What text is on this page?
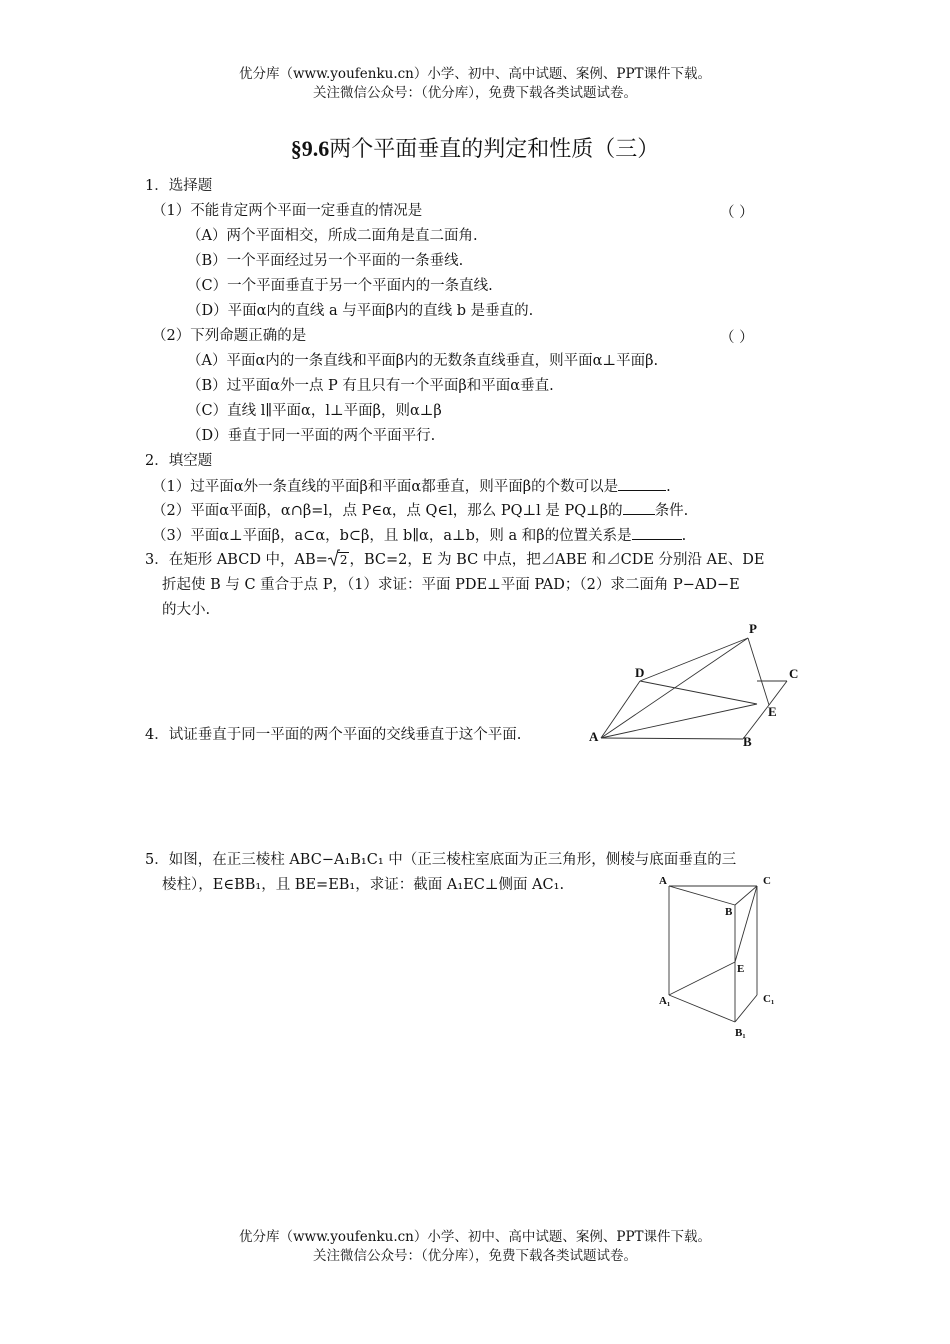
优分库（www.youfenku.cn）小学、初中、高中试题、案例、PPT课件下载。
关注微信公众号：（优分库），免费下载各类试题试卷。
§9.6两个平面垂直的判定和性质（三）
1．选择题
（1）不能肯定两个平面一定垂直的情况是	（ ）
（A）两个平面相交，所成二面角是直二面角.
（B）一个平面经过另一个平面的一条垂线.
（C）一个平面垂直于另一个平面内的一条直线.
（D）平面α内的直线 a 与平面β内的直线 b 是垂直的.
（2）下列命题正确的是	（ ）
（A）平面α内的一条直线和平面β内的无数条直线垂直，则平面α⊥平面β.
（B）过平面α外一点 P 有且只有一个平面β和平面α垂直.
（C）直线 l∥平面α，l⊥平面β，则α⊥β
（D）垂直于同一平面的两个平面平行.
2．填空题
（1）过平面α外一条直线的平面β和平面α都垂直，则平面β的个数可以是	.
（2）平面α平面β，α∩β=l，点 P∈α，点 Q∈l，那么 PQ⊥l 是 PQ⊥β的 条件.
（3）平面α⊥平面β，a⊂α，b⊂β，且 b∥α，a⊥b，则 a 和β的位置关系是	.
3．在矩形 ABCD 中，AB= 2 ，BC=2，E 为 BC 中点，把⊿ABE 和⊿CDE 分别沿 AE、DE
折起使 B 与 C 重合于点 P，（1）求证：平面 PDE⊥平面 PAD；（2）求二面角 P−AD−E
的大小.
P
D	C
E
A	B
4．试证垂直于同一平面的两个平面的交线垂直于这个平面.
5．如图，在正三棱柱 ABC−A₁B₁C₁ 中（正三棱柱室底面为正三角形，侧棱与底面垂直的三
棱柱），E∈BB₁，且 BE=EB₁，求证：截面 A₁EC⊥侧面 AC₁.	A	C
B
E
A₁	C₁
B₁
优分库（www.youfenku.cn）小学、初中、高中试题、案例、PPT课件下载。
关注微信公众号：（优分库），免费下载各类试题试卷。
